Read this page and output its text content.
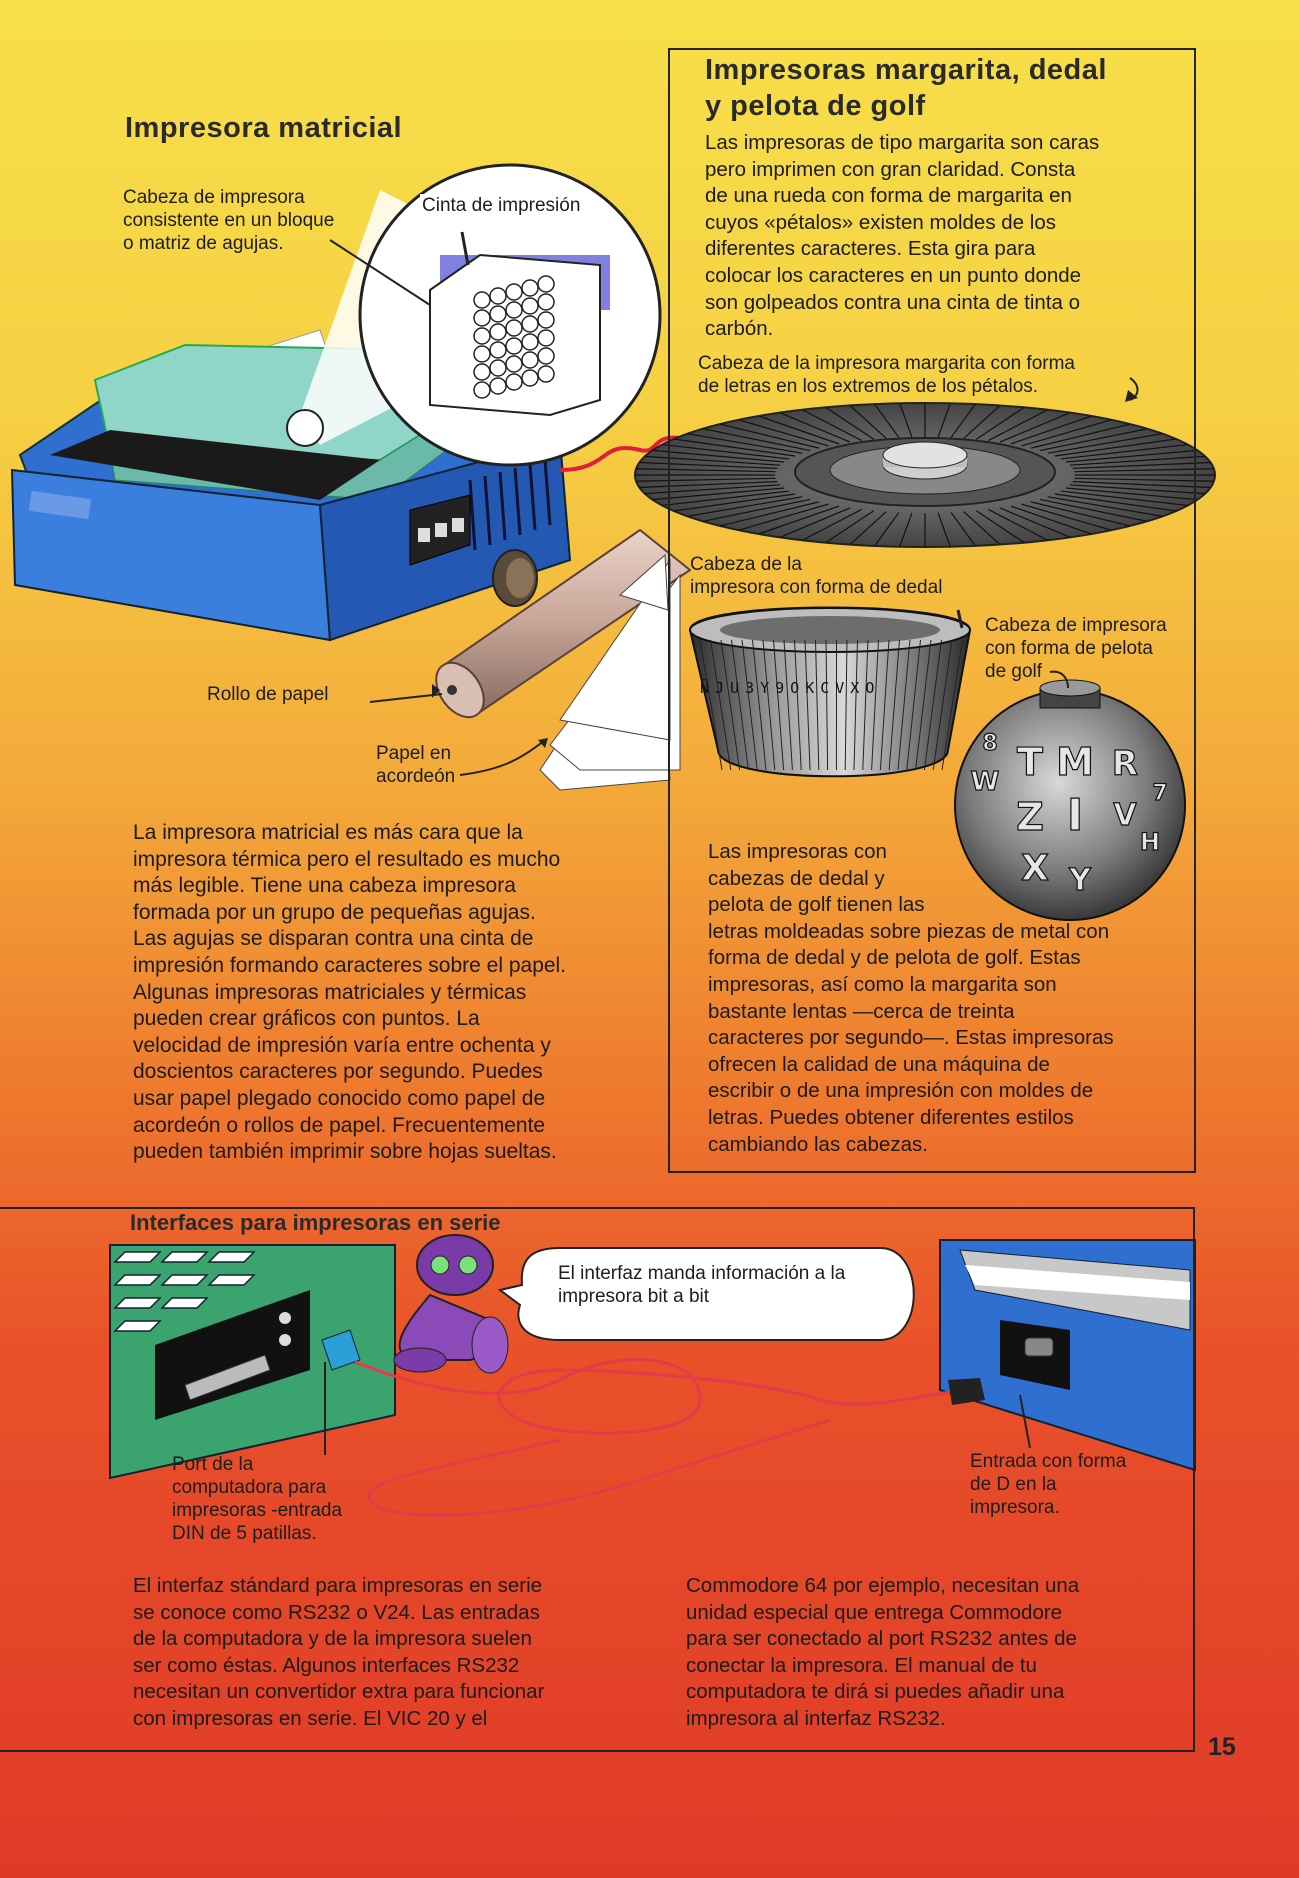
ÑJU3Y9OKCVXO
T M R
Z I V
X Y
W
H
8
7
Impresora matricial
Cabeza de impresora
consistente en un bloque
o matriz de agujas.
Cinta de impresión
Rollo de papel
Papel en
acordeón

La impresora matricial es más cara que la

impresora térmica pero el resultado es mucho

más legible. Tiene una cabeza impresora

formada por un grupo de pequeñas agujas.

Las agujas se disparan contra una cinta de

impresión formando caracteres sobre el papel.

Algunas impresoras matriciales y térmicas

pueden crear gráficos con puntos. La

velocidad de impresión varía entre ochenta y

doscientos caracteres por segundo. Puedes

usar papel plegado conocido como papel de

acordeón o rollos de papel. Frecuentemente

pueden también imprimir sobre hojas sueltas.

Impresoras margarita, dedal
y pelota de golf

Las impresoras de tipo margarita son caras

pero imprimen con gran claridad. Consta

de una rueda con forma de margarita en

cuyos «pétalos» existen moldes de los

diferentes caracteres. Esta gira para

colocar los caracteres en un punto donde

son golpeados contra una cinta de tinta o

carbón.

Cabeza de la impresora margarita con forma
de letras en los extremos de los pétalos.
Cabeza de la
impresora con forma de dedal
Cabeza de impresora
con forma de pelota
de golf

Las impresoras con

cabezas de dedal y

pelota de golf tienen las

letras moldeadas sobre piezas de metal con

forma de dedal y de pelota de golf. Estas

impresoras, así como la margarita son

bastante lentas —cerca de treinta

caracteres por segundo—. Estas impresoras

ofrecen la calidad de una máquina de

escribir o de una impresión con moldes de

letras. Puedes obtener diferentes estilos

cambiando las cabezas.

Interfaces para impresoras en serie
El interfaz manda información a la
impresora bit a bit
Port de la
computadora para
impresoras -entrada
DIN de 5 patillas.
Entrada con forma
de D en la
impresora.

El interfaz stándard para impresoras en serie

se conoce como RS232 o V24. Las entradas

de la computadora y de la impresora suelen

ser como éstas. Algunos interfaces RS232

necesitan un convertidor extra para funcionar

con impresoras en serie. El VIC 20 y el

Commodore 64 por ejemplo, necesitan una

unidad especial que entrega Commodore

para ser conectado al port RS232 antes de

conectar la impresora. El manual de tu

computadora te dirá si puedes añadir una

impresora al interfaz RS232.

15
